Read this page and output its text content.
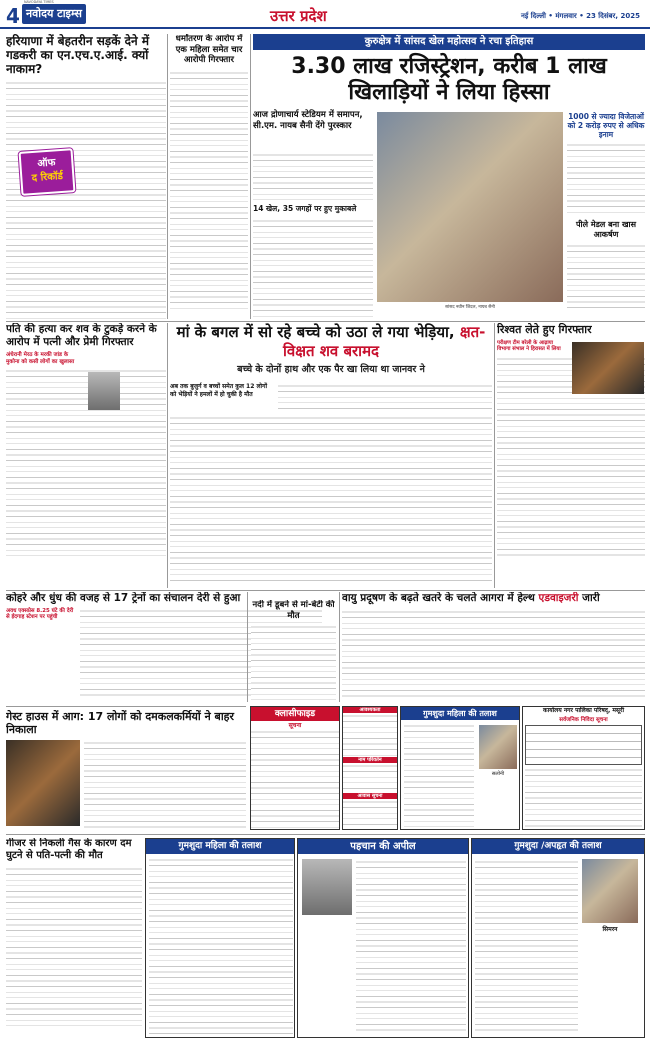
4 नवोदय टाइम्स
NAVODAYA TIMES
उत्तर प्रदेश	नई दिल्ली • मंगलवार • 23 दिसंबर, 2025
हरियाणा में बेहतरीन सड़कें देने में गडकरी का एन.एच.ए.आई. क्यों नाकाम?
ऑफ
द रिकॉर्ड
धर्मांतरण के आरोप में एक महिला समेत चार आरोपी गिरफ्तार
कुरुक्षेत्र में सांसद खेल महोत्सव ने रचा इतिहास
3.30 लाख रजिस्ट्रेशन, करीब 1 लाख खिलाड़ियों ने लिया हिस्सा
आज द्रोणाचार्य स्टेडियम में समापन, सी.एम. नायब सैनी देंगे पुरस्कार
14 खेल, 35 जगहों पर हुए मुकाबले
सांसद नवीन जिंदल, नायब सैनी
1000 से ज्यादा विजेताओं को 2 करोड़ रुपए से अधिक इनाम
पीले मेडल बना खास आकर्षण
पति की हत्या कर शव के टुकड़े करने के आरोप में पत्नी और प्रेमी गिरफ्तार
अंधेरानी मेरठ के मरकी जांड के मुकोना को कसी लोगों का खुलासा
मां के बगल में सो रहे बच्चे को उठा ले गया भेड़िया, क्षत-विक्षत शव बरामद
बच्चे के दोनों हाथ और एक पैर खा लिया था जानवर ने
अब तक बुजुर्ग व बच्चों समेत कुल 12 लोगों को भेड़ियों ने हमलों में हो चुकी है मौत
रिश्वत लेते हुए गिरफ्तार
परीक्षण टीम बरेली के आढ़ाया विभागा संभाल ने हिरासत में लिया
कोहरे और धुंध की वजह से 17 ट्रेनों का संचालन देरी से हुआ
अवध एक्सप्रेस 8.25 घंटे की देरी से ईदगाह स्टेशन पर पहुंची
नदी में डूबने से मां-बेटी की मौत
वायु प्रदूषण के बढ़ते खतरे के चलते आगरा में हेल्थ एडवाइजरी जारी
गेस्ट हाउस में आग: 17 लोगों को दमकलकर्मियों ने बाहर निकाला
क्लासीफाइड
सूचना
आवश्यकता
नाम परिवर्तन
आवास सूचना
गुमशुदा महिला की तलाश
सलोनी
कार्यालय नगर पालिका परिषद्, मसूरी
सर्वजनिक निविदा सूचना
गीजर से निकली गैस के कारण दम घुटने से पति-पत्नी की मौत
गुमशुदा महिला की तलाश	पहचान की अपील	गुमशुदा /अपहृत की तलाश
सिमरन
